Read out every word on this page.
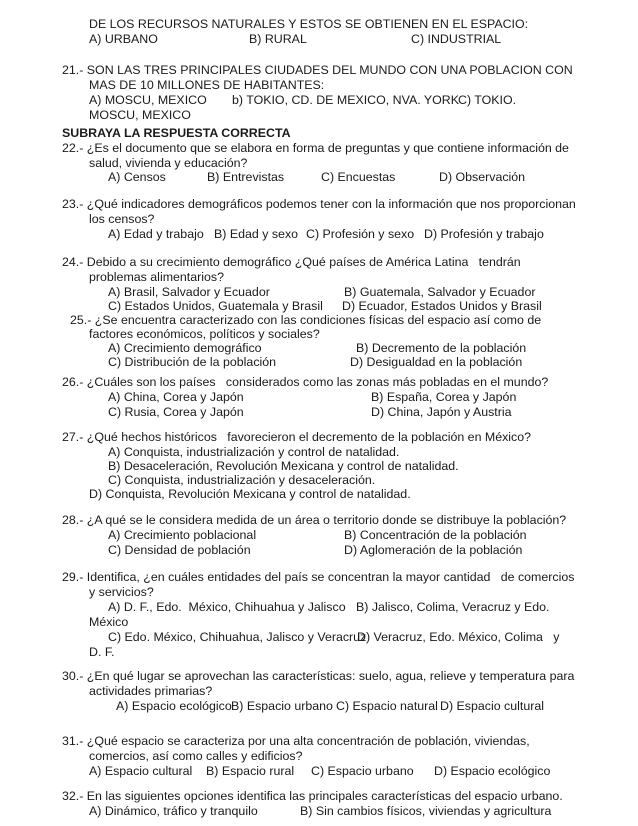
DE LOS RECURSOS NATURALES Y ESTOS SE OBTIENEN EN EL ESPACIO:
A) URBANO	B) RURAL	C) INDUSTRIAL
21.- SON LAS TRES PRINCIPALES CIUDADES DEL MUNDO CON UNA POBLACION CON
MAS DE 10 MILLONES DE HABITANTES:
A) MOSCU, MEXICO b) TOKIO, CD. DE MEXICO, NVA. YORK C) TOKIO.
MOSCU, MEXICO
SUBRAYA LA RESPUESTA CORRECTA
22.- ¿Es el documento que se elabora en forma de preguntas y que contiene información de
salud, vivienda y educación?
A) Censos	B) Entrevistas	C) Encuestas	D) Observación
23.- ¿Qué indicadores demográficos podemos tener con la información que nos proporcionan
los censos?
A) Edad y trabajo B) Edad y sexo C) Profesión y sexo D) Profesión y trabajo
24.- Debido a su crecimiento demográfico ¿Qué países de América Latina   tendrán
problemas alimentarios?
A) Brasil, Salvador y Ecuador	B) Guatemala, Salvador y Ecuador
C) Estados Unidos, Guatemala y Brasil D) Ecuador, Estados Unidos y Brasil
25.- ¿Se encuentra caracterizado con las condiciones físicas del espacio así como de
factores económicos, políticos y sociales?
A) Crecimiento demográfico	B) Decremento de la población
C) Distribución de la población	D) Desigualdad en la población
26.- ¿Cuáles son los países   considerados como las zonas más pobladas en el mundo?
A) China, Corea y Japón	B) España, Corea y Japón
C) Rusia, Corea y Japón	D) China, Japón y Austria
27.- ¿Qué hechos históricos   favorecieron el decremento de la población en México?
A) Conquista, industrialización y control de natalidad.
B) Desaceleración, Revolución Mexicana y control de natalidad.
C) Conquista, industrialización y desaceleración.
D) Conquista, Revolución Mexicana y control de natalidad.
28.- ¿A qué se le considera medida de un área o territorio donde se distribuye la población?
A) Crecimiento poblacional	B) Concentración de la población
C) Densidad de población	D) Aglomeración de la población
29.- Identifica, ¿en cuáles entidades del país se concentran la mayor cantidad   de comercios
y servicios?
A) D. F., Edo.  México, Chihuahua y Jalisco B) Jalisco, Colima, Veracruz y Edo.
México
C) Edo. México, Chihuahua, Jalisco y Veracruz
D) Veracruz, Edo. México, Colima   y
D. F.
30.- ¿En qué lugar se aprovechan las características: suelo, agua, relieve y temperatura para
actividades primarias?
A) Espacio ecológico B) Espacio urbano C) Espacio natural D) Espacio cultural
31.- ¿Qué espacio se caracteriza por una alta concentración de población, viviendas,
comercios, así como calles y edificios?
A) Espacio cultural B) Espacio rural C) Espacio urbano D) Espacio ecológico
32.- En las siguientes opciones identifica las principales características del espacio urbano.
A) Dinámico, tráfico y tranquilo	B) Sin cambios físicos, viviendas y agricultura
